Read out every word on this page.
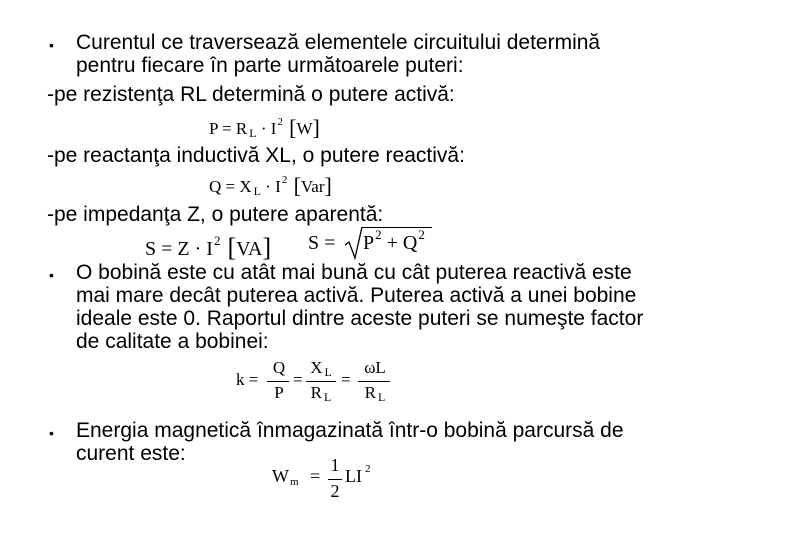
• Curentul ce traversează elementele circuitului determină
pentru fiecare în parte următoarele puteri:
-pe rezistenţa RL determină o putere activă:
P = R $L \cdot I^2$ [W]
-pe reactanţa inductivă XL, o putere reactivă:
Q = X $L \cdot I^2$ [Var]
-pe impedanţa Z, o putere aparentă:
$S = Z \cdot I^2$ [VA] $S = P^2 + Q^2$
• O bobină este cu atât mai bună cu cât puterea reactivă este
mai mare decât puterea activă. Puterea activă a unei bobine
ideale este 0. Raportul dintre aceste puteri se numeşte factor
de calitate a bobinei:
k =
Q
P
=
X L
R L
=
ωL
R L
• Energia magnetică înmagazinată într-o bobină parcursă de
curent este:
Wm =
1
2
LI $^2$
